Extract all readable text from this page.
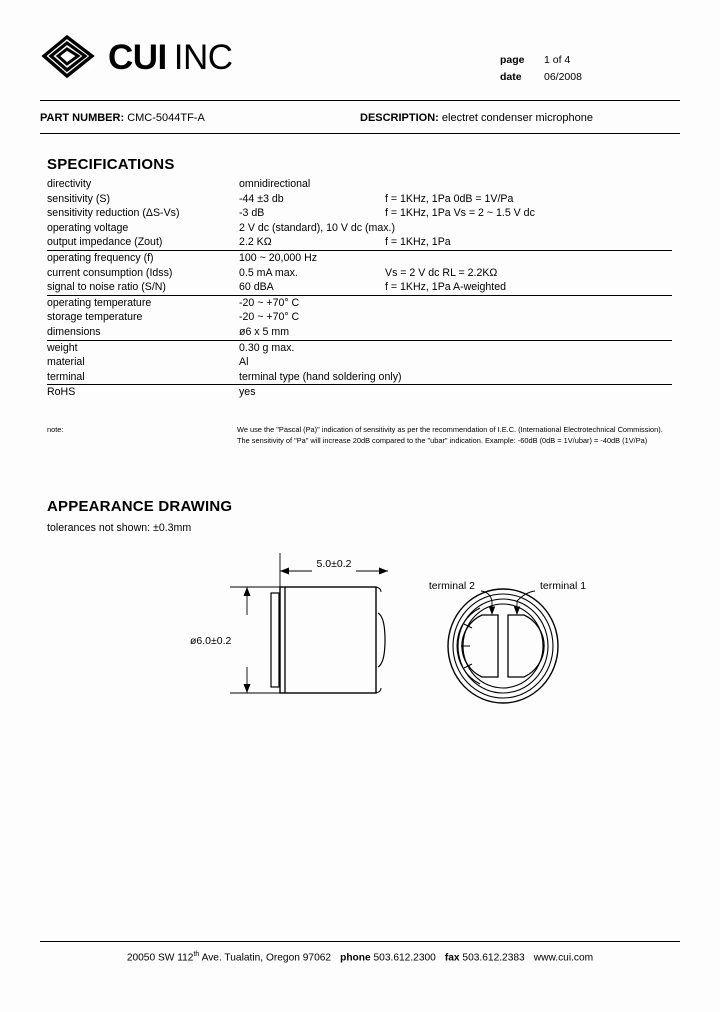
CUI INC	page	1 of 4
date	06/2008
PART NUMBER: CMC-5044TF-A	DESCRIPTION: electret condenser microphone
SPECIFICATIONS
directivity	omnidirectional	
sensitivity (S)	-44 ±3 db	f = 1KHz, 1Pa 0dB = 1V/Pa
sensitivity reduction (ΔS-Vs)	-3 dB	f = 1KHz, 1Pa Vs = 2 ~ 1.5 V dc
operating voltage	2 V dc (standard), 10 V dc (max.)	
output impedance (Zout)	2.2 KΩ	f = 1KHz, 1Pa
operating frequency (f)	100 ~ 20,000 Hz	
current consumption (Idss)	0.5 mA max.	Vs = 2 V dc RL = 2.2KΩ
signal to noise ratio (S/N)	60 dBA	f = 1KHz, 1Pa A-weighted
operating temperature	-20 ~ +70° C	
storage temperature	-20 ~ +70° C	
dimensions	ø6 x 5 mm	
weight	0.30 g max.	
material	Al	
terminal	terminal type (hand soldering only)	
RoHS	yes	
note:	We use the "Pascal (Pa)" indication of sensitivity as per the recommendation of I.E.C. (International Electrotechnical Commission). The sensitivity of "Pa" will increase 20dB compared to the "ubar" indication. Example: -60dB (0dB = 1V/ubar) = -40dB (1V/Pa)
APPEARANCE DRAWING
tolerances not shown: ±0.3mm
5.0±0.2
ø6.0±0.2
terminal 2	terminal 1
20050 SW 112th Ave. Tualatin, Oregon 97062 phone 503.612.2300 fax 503.612.2383 www.cui.com
